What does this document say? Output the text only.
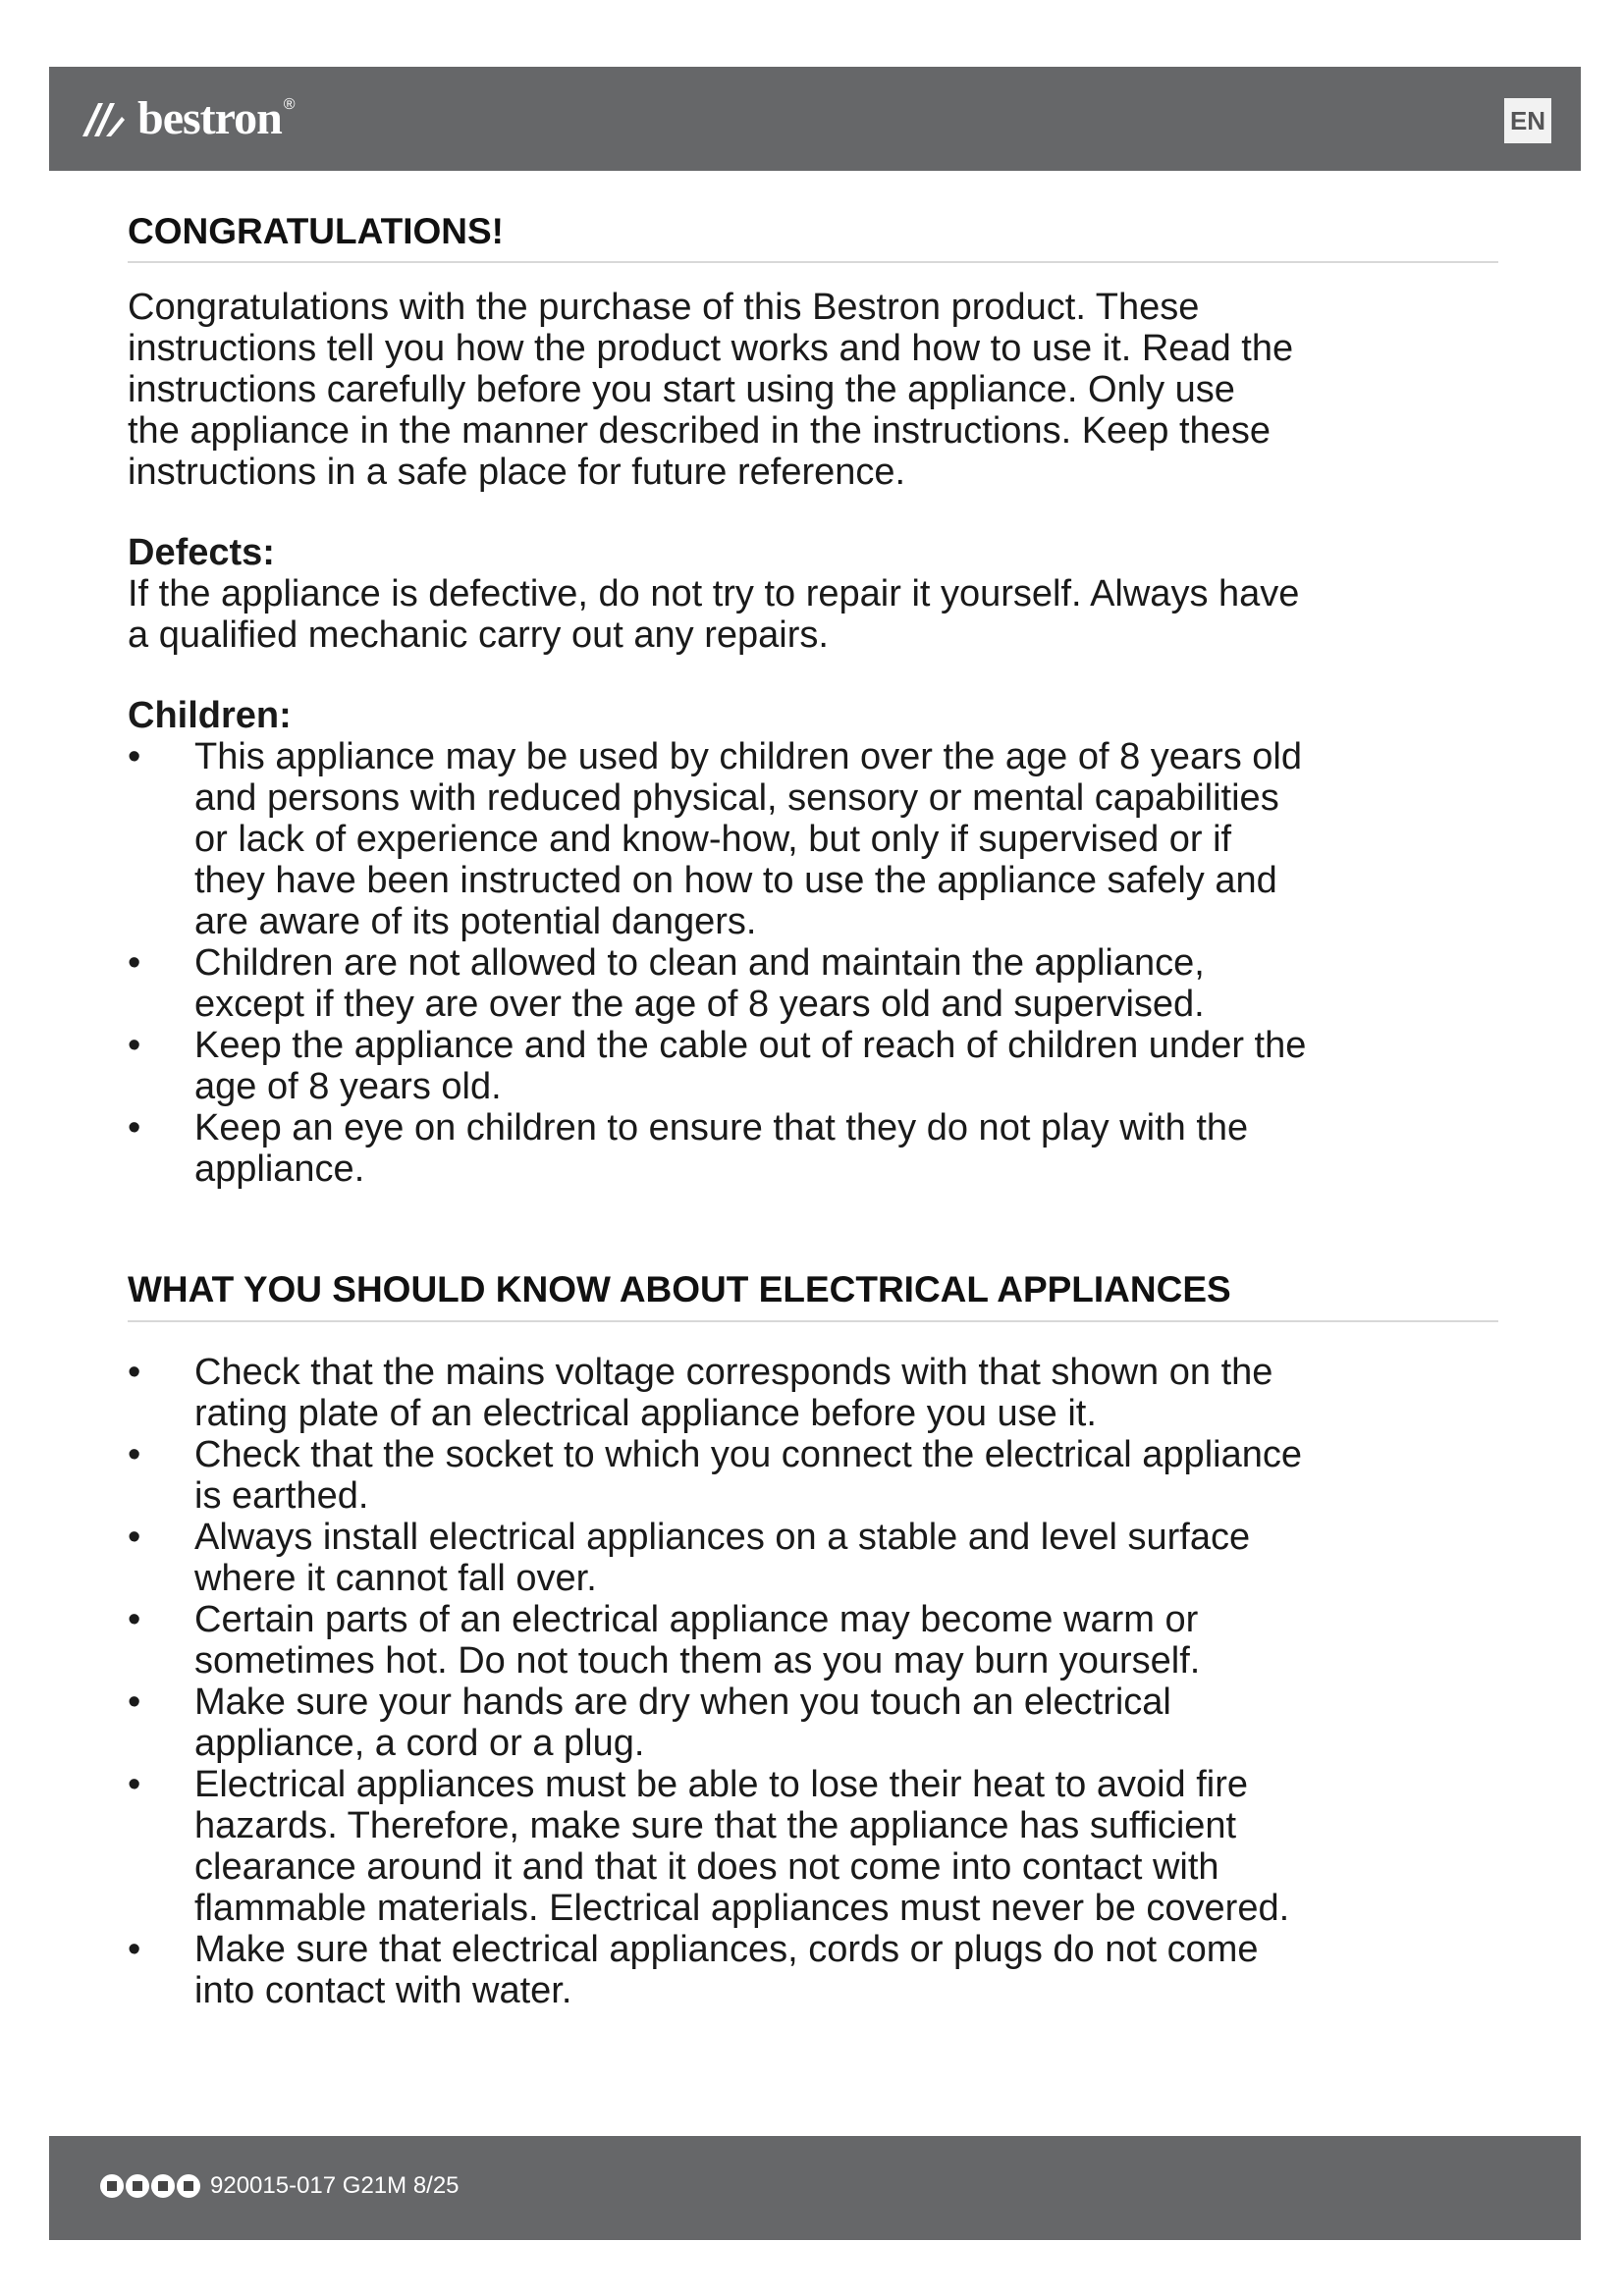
bestron ®
EN
CONGRATULATIONS!

Congratulations with the purchase of this Bestron product. These
instructions tell you how the product works and how to use it. Read the
instructions carefully before you start using the appliance. Only use
the appliance in the manner described in the instructions. Keep these
instructions in a safe place for future reference.

Defects:

If the appliance is defective, do not try to repair it yourself. Always have
a qualified mechanic carry out any repairs.

Children:
• This appliance may be used by children over the age of 8 years old
and persons with reduced physical, sensory or mental capabilities
or lack of experience and know-how, but only if supervised or if
they have been instructed on how to use the appliance safely and
are aware of its potential dangers.
• Children are not allowed to clean and maintain the appliance,
except if they are over the age of 8 years old and supervised.
• Keep the appliance and the cable out of reach of children under the
age of 8 years old.
• Keep an eye on children to ensure that they do not play with the
appliance.
WHAT YOU SHOULD KNOW ABOUT ELECTRICAL APPLIANCES
• Check that the mains voltage corresponds with that shown on the
rating plate of an electrical appliance before you use it.
• Check that the socket to which you connect the electrical appliance
is earthed.
• Always install electrical appliances on a stable and level surface
where it cannot fall over.
• Certain parts of an electrical appliance may become warm or
sometimes hot. Do not touch them as you may burn yourself.
• Make sure your hands are dry when you touch an electrical
appliance, a cord or a plug.
• Electrical appliances must be able to lose their heat to avoid fire
hazards. Therefore, make sure that the appliance has sufficient
clearance around it and that it does not come into contact with
flammable materials. Electrical appliances must never be covered.
• Make sure that electrical appliances, cords or plugs do not come
into contact with water.
920015-017 G21M 8/25
